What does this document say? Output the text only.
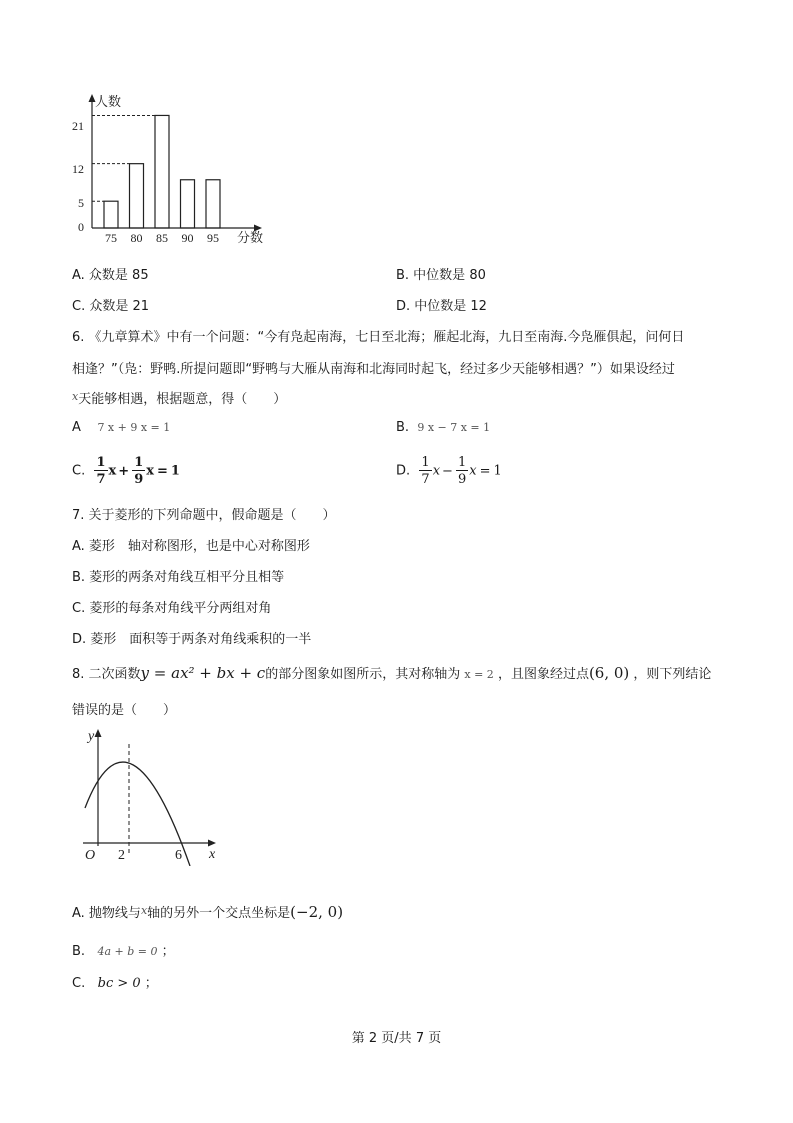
人数
分数
21
12
5
0
75 80 85 90 95
A. 众数是 85	B. 中位数是 80
C. 众数是 21	D. 中位数是 12
6. 《九章算术》中有一个问题：“今有凫起南海，七日至北海；雁起北海，九日至南海.今凫雁俱起，问何日
相逢？”（凫：野鸭.所提问题即“野鸭与大雁从南海和北海同时起飞，经过多少天能够相遇？”）如果设经过
$^x$天能够相遇，根据题意，得（　　）
A 7 x + 9 x = 1	B. 9 x − 7 x = 1
C. $\frac{1}{7}$ $x + \frac{1}{9}$ x = 1	D. $\frac{1}{7}$ $x - \frac{1}{9}$ x = 1
7. 关于菱形的下列命题中，假命题是（　　）
A. 菱形　轴对称图形，也是中心对称图形
B. 菱形的两条对角线互相平分且相等
C. 菱形的每条对角线平分两组对角
D. 菱形　面积等于两条对角线乘积的一半
8. 二次函数y = ax² + bx + c的部分图象如图所示，其对称轴为 x = 2 ，且图象经过点(6, 0) ，则下列结论
错误的是（　　）
y
x
O 2	6
A. 抛物线与$^x$轴的另外一个交点坐标是(−2, 0)
B. 4a + b = 0 ；
C. bc > 0 ；
第 2 页/共 7 页
